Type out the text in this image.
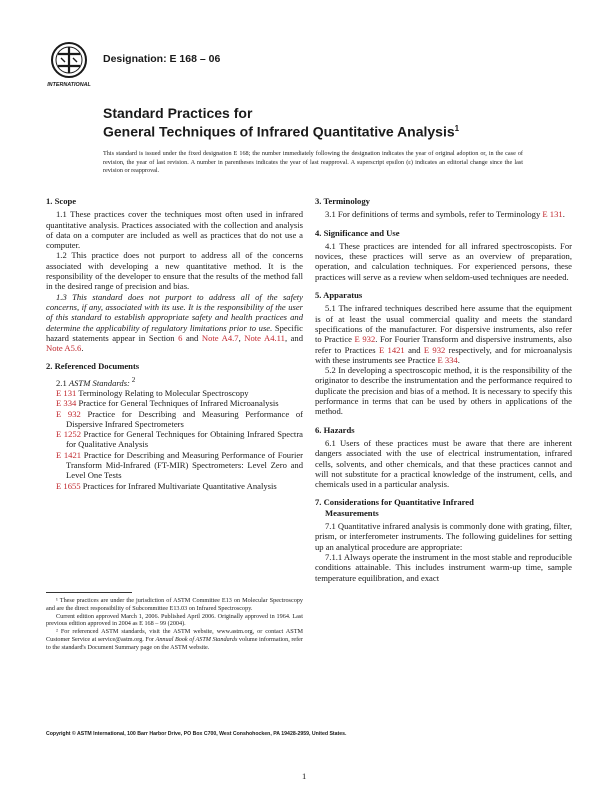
INTERNATIONAL
Designation: E 168 – 06
Standard Practices for
General Techniques of Infrared Quantitative Analysis$^1$
This standard is issued under the fixed designation E 168; the number immediately following the designation indicates the year of original adoption or, in the case of revision, the year of last revision. A number in parentheses indicates the year of last reapproval. A superscript epsilon (ε) indicates an editorial change since the last revision or reapproval.
1. Scope

1.1 These practices cover the techniques most often used in infrared quantitative analysis. Practices associated with the collection and analysis of data on a computer are included as well as practices that do not use a computer.

1.2 This practice does not purport to address all of the concerns associated with developing a new quantitative method. It is the responsibility of the developer to ensure that the results of the method fall in the desired range of precision and bias.

1.3 This standard does not purport to address all of the safety concerns, if any, associated with its use. It is the responsibility of the user of this standard to establish appropriate safety and health practices and determine the applicability of regulatory limitations prior to use. Specific hazard statements appear in Section 6 and Note A4.7, Note A4.11, and Note A5.6.

2. Referenced Documents
2.1 ASTM Standards: $^2$
E 131 Terminology Relating to Molecular Spectroscopy
E 334 Practice for General Techniques of Infrared Microanalysis
E 932 Practice for Describing and Measuring Performance of Dispersive Infrared Spectrometers
E 1252 Practice for General Techniques for Obtaining Infrared Spectra for Qualitative Analysis
E 1421 Practice for Describing and Measuring Performance of Fourier Transform Mid-Infrared (FT-MIR) Spectrometers: Level Zero and Level One Tests
E 1655 Practices for Infrared Multivariate Quantitative Analysis

¹ These practices are under the jurisdiction of ASTM Committee E13 on Molecular Spectroscopy and are the direct responsibility of Subcommittee E13.03 on Infrared Spectroscopy.

Current edition approved March 1, 2006. Published April 2006. Originally approved in 1964. Last previous edition approved in 2004 as E 168 – 99 (2004).

² For referenced ASTM standards, visit the ASTM website, www.astm.org, or contact ASTM Customer Service at service@astm.org. For Annual Book of ASTM Standards volume information, refer to the standard's Document Summary page on the ASTM website.

3. Terminology

3.1 For definitions of terms and symbols, refer to Terminology E 131.

4. Significance and Use

4.1 These practices are intended for all infrared spectroscopists. For novices, these practices will serve as an overview of preparation, operation, and calculation techniques. For experienced persons, these practices will serve as a review when seldom-used techniques are needed.

5. Apparatus

5.1 The infrared techniques described here assume that the equipment is of at least the usual commercial quality and meets the standard specifications of the manufacturer. For dispersive instruments, also refer to Practice E 932. For Fourier Transform and dispersive instruments, also refer to Practices E 1421 and E 932 respectively, and for microanalysis with these instruments see Practice E 334.

5.2 In developing a spectroscopic method, it is the responsibility of the originator to describe the instrumentation and the performance required to duplicate the precision and bias of a method. It is necessary to specify this performance in terms that can be used by others in applications of the method.

6. Hazards

6.1 Users of these practices must be aware that there are inherent dangers associated with the use of electrical instrumentation, infrared cells, solvents, and other chemicals, and that these practices cannot and will not substitute for a practical knowledge of the instrument, cells, and chemicals used in a particular analysis.

7. Considerations for Quantitative Infrared
Measurements

7.1 Quantitative infrared analysis is commonly done with grating, filter, prism, or interferometer instruments. The following guidelines for setting up an analytical procedure are appropriate:

7.1.1 Always operate the instrument in the most stable and reproducible conditions attainable. This includes instrument warm-up time, sample temperature equilibration, and exact

Copyright © ASTM International, 100 Barr Harbor Drive, PO Box C700, West Conshohocken, PA 19428-2959, United States.
1
